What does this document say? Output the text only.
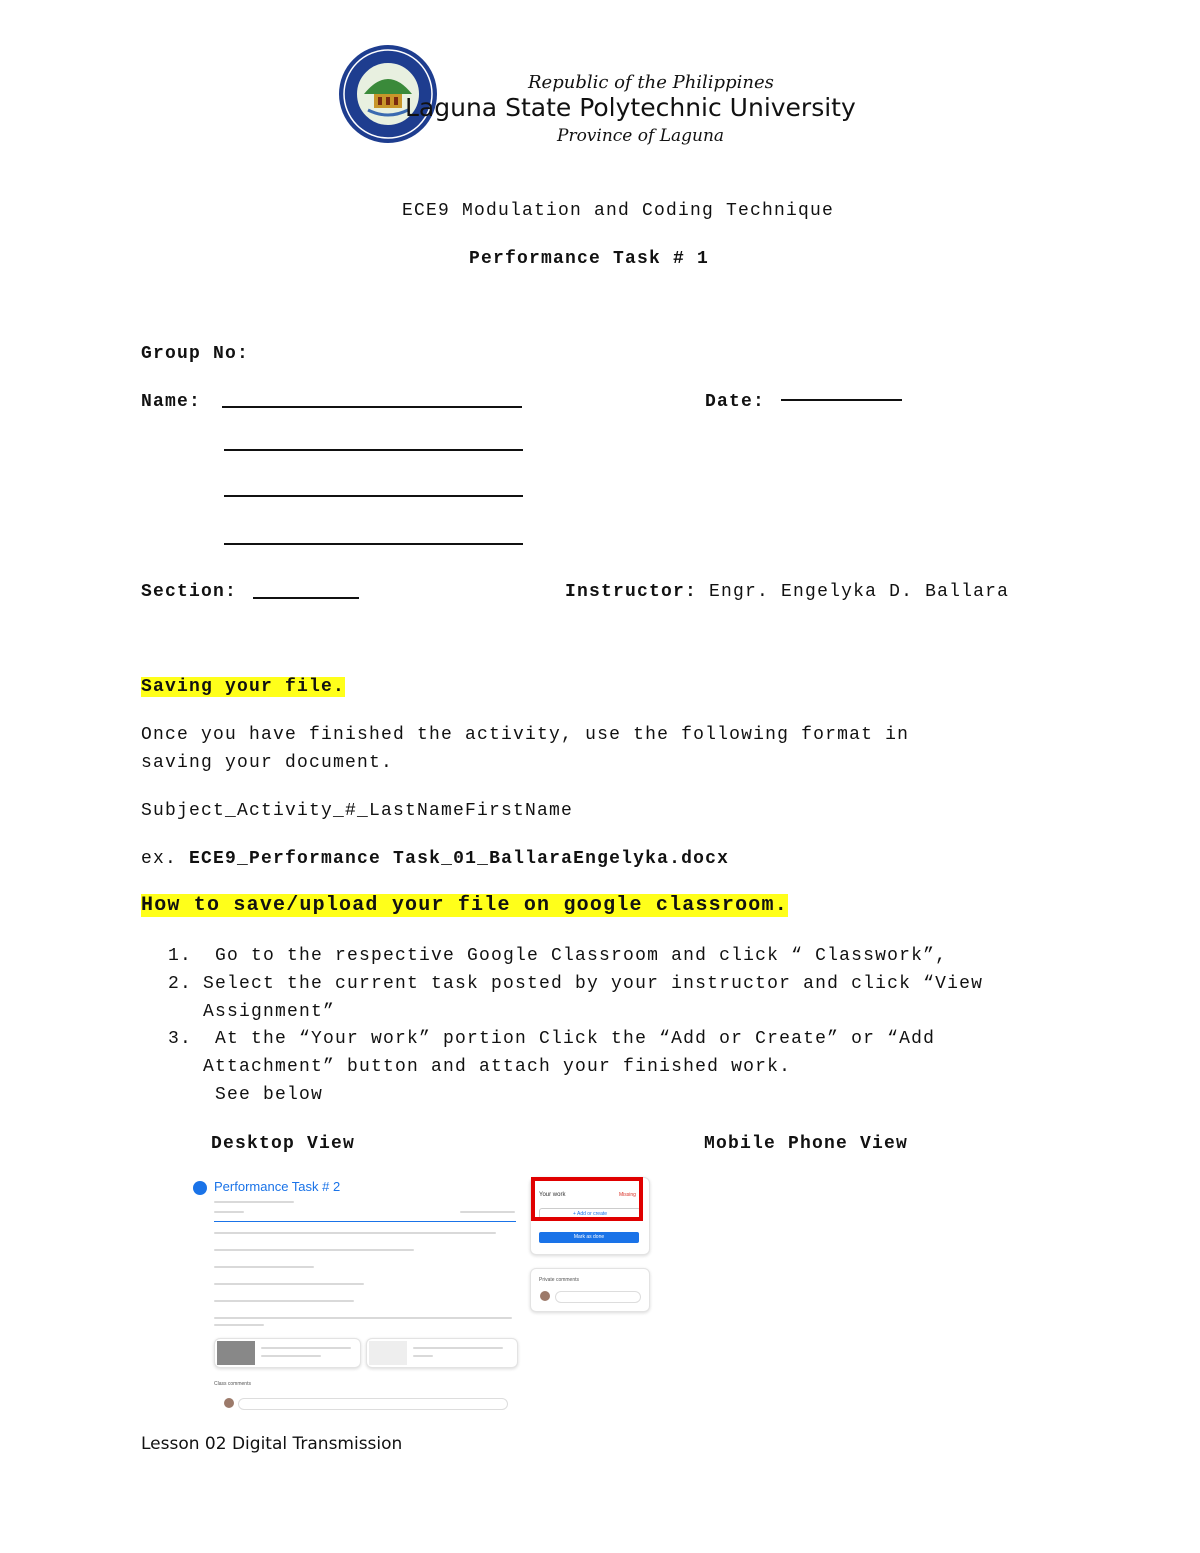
Republic of the Philippines
Laguna State Polytechnic University
Province of Laguna
ECE9 Modulation and Coding Technique
Performance Task # 1
Group No:
Name:	Date:
Section:	Instructor: Engr. Engelyka D. Ballara
Saving your file.
Once you have finished the activity, use the following format in
saving your document.
Subject_Activity_#_LastNameFirstName
ex. ECE9_Performance Task_01_BallaraEngelyka.docx
How to save/upload your file on google classroom.
1. Go to the respective Google Classroom and click “ Classwork”,
2. Select the current task posted by your instructor and click “View
Assignment”
3. At the “Your work” portion Click the “Add or Create” or “Add
Attachment” button and attach your finished work.
See below
Desktop View	Mobile Phone View
Performance Task # 2
Class comments
Your work	Missing
+ Add or create
Mark as done
Private comments
Lesson 02 Digital Transmission
